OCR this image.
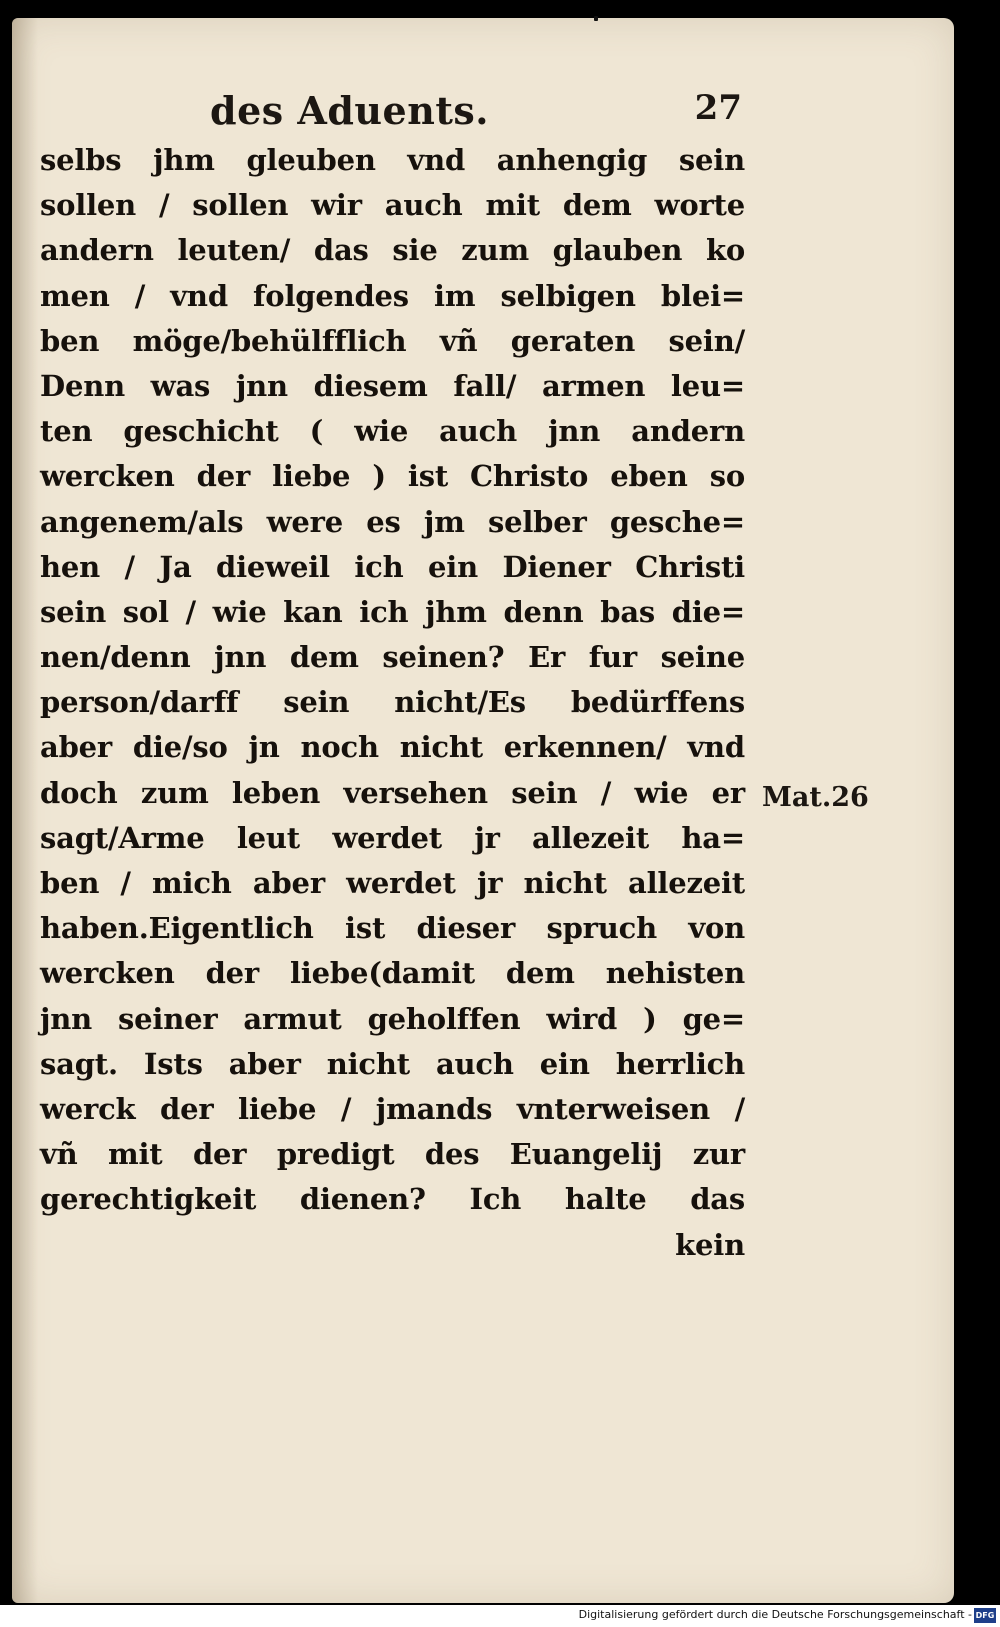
des Aduents.	27
selbs jhm gleuben vnd anhengig sein
sollen / sollen wir auch mit dem worte
andern leuten/ das sie zum glauben ko
men / vnd folgendes im selbigen blei=
ben möge/behülfflich vñ geraten sein/
Denn was jnn diesem fall/ armen leu=
ten geschicht ( wie auch jnn andern
wercken der liebe ) ist Christo eben so
angenem/als were es jm selber gesche=
hen / Ja dieweil ich ein Diener Christi
sein sol / wie kan ich jhm denn bas die=
nen/denn jnn dem seinen? Er fur seine
person/darff sein nicht/Es bedürffens
aber die/so jn noch nicht erkennen/ vnd
doch zum leben versehen sein / wie er
sagt/Arme leut werdet jr allezeit ha=
ben / mich aber werdet jr nicht allezeit
haben.Eigentlich ist dieser spruch von
wercken der liebe(damit dem nehisten
jnn seiner armut geholffen wird ) ge=
sagt. Ists aber nicht auch ein herrlich
werck der liebe / jmands vnterweisen /
vñ mit der predigt des Euangelij zur
gerechtigkeit dienen? Ich halte das
kein
Mat.26
Digitalisierung gefördert durch die Deutsche Forschungsgemeinschaft - DFG
